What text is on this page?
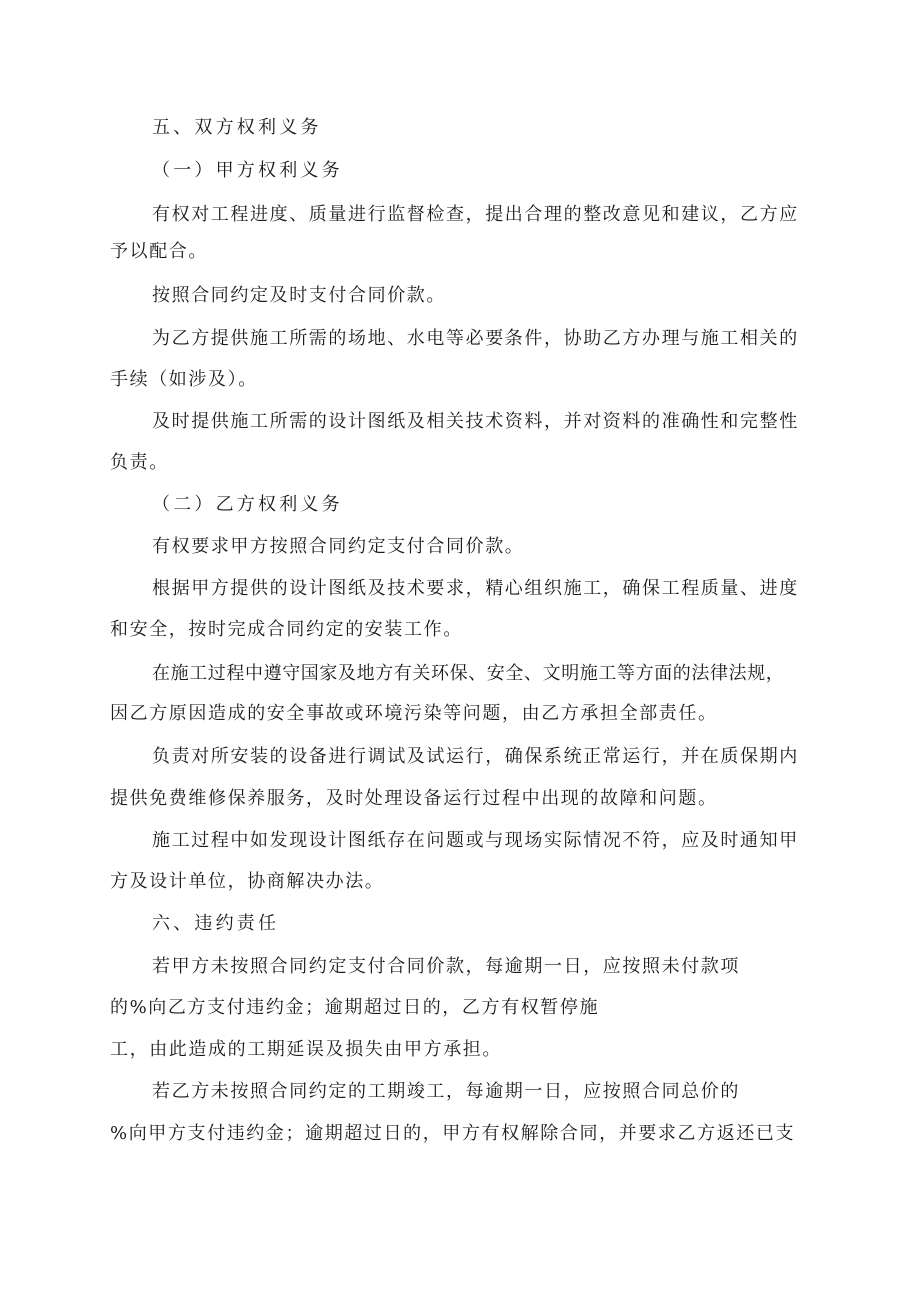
五、双方权利义务
（一）甲方权利义务
有权对工程进度、质量进行监督检查，提出合理的整改意见和建议，乙方应
予以配合。
按照合同约定及时支付合同价款。
为乙方提供施工所需的场地、水电等必要条件，协助乙方办理与施工相关的
手续（如涉及）。
及时提供施工所需的设计图纸及相关技术资料，并对资料的准确性和完整性
负责。
（二）乙方权利义务
有权要求甲方按照合同约定支付合同价款。
根据甲方提供的设计图纸及技术要求，精心组织施工，确保工程质量、进度
和安全，按时完成合同约定的安装工作。
在施工过程中遵守国家及地方有关环保、安全、文明施工等方面的法律法规，
因乙方原因造成的安全事故或环境污染等问题，由乙方承担全部责任。
负责对所安装的设备进行调试及试运行，确保系统正常运行，并在质保期内
提供免费维修保养服务，及时处理设备运行过程中出现的故障和问题。
施工过程中如发现设计图纸存在问题或与现场实际情况不符，应及时通知甲
方及设计单位，协商解决办法。
六、违约责任
若甲方未按照合同约定支付合同价款，每逾期一日，应按照未付款项
的%向乙方支付违约金；逾期超过日的，乙方有权暂停施
工，由此造成的工期延误及损失由甲方承担。
若乙方未按照合同约定的工期竣工，每逾期一日，应按照合同总价的
%向甲方支付违约金；逾期超过日的，甲方有权解除合同，并要求乙方返还已支
